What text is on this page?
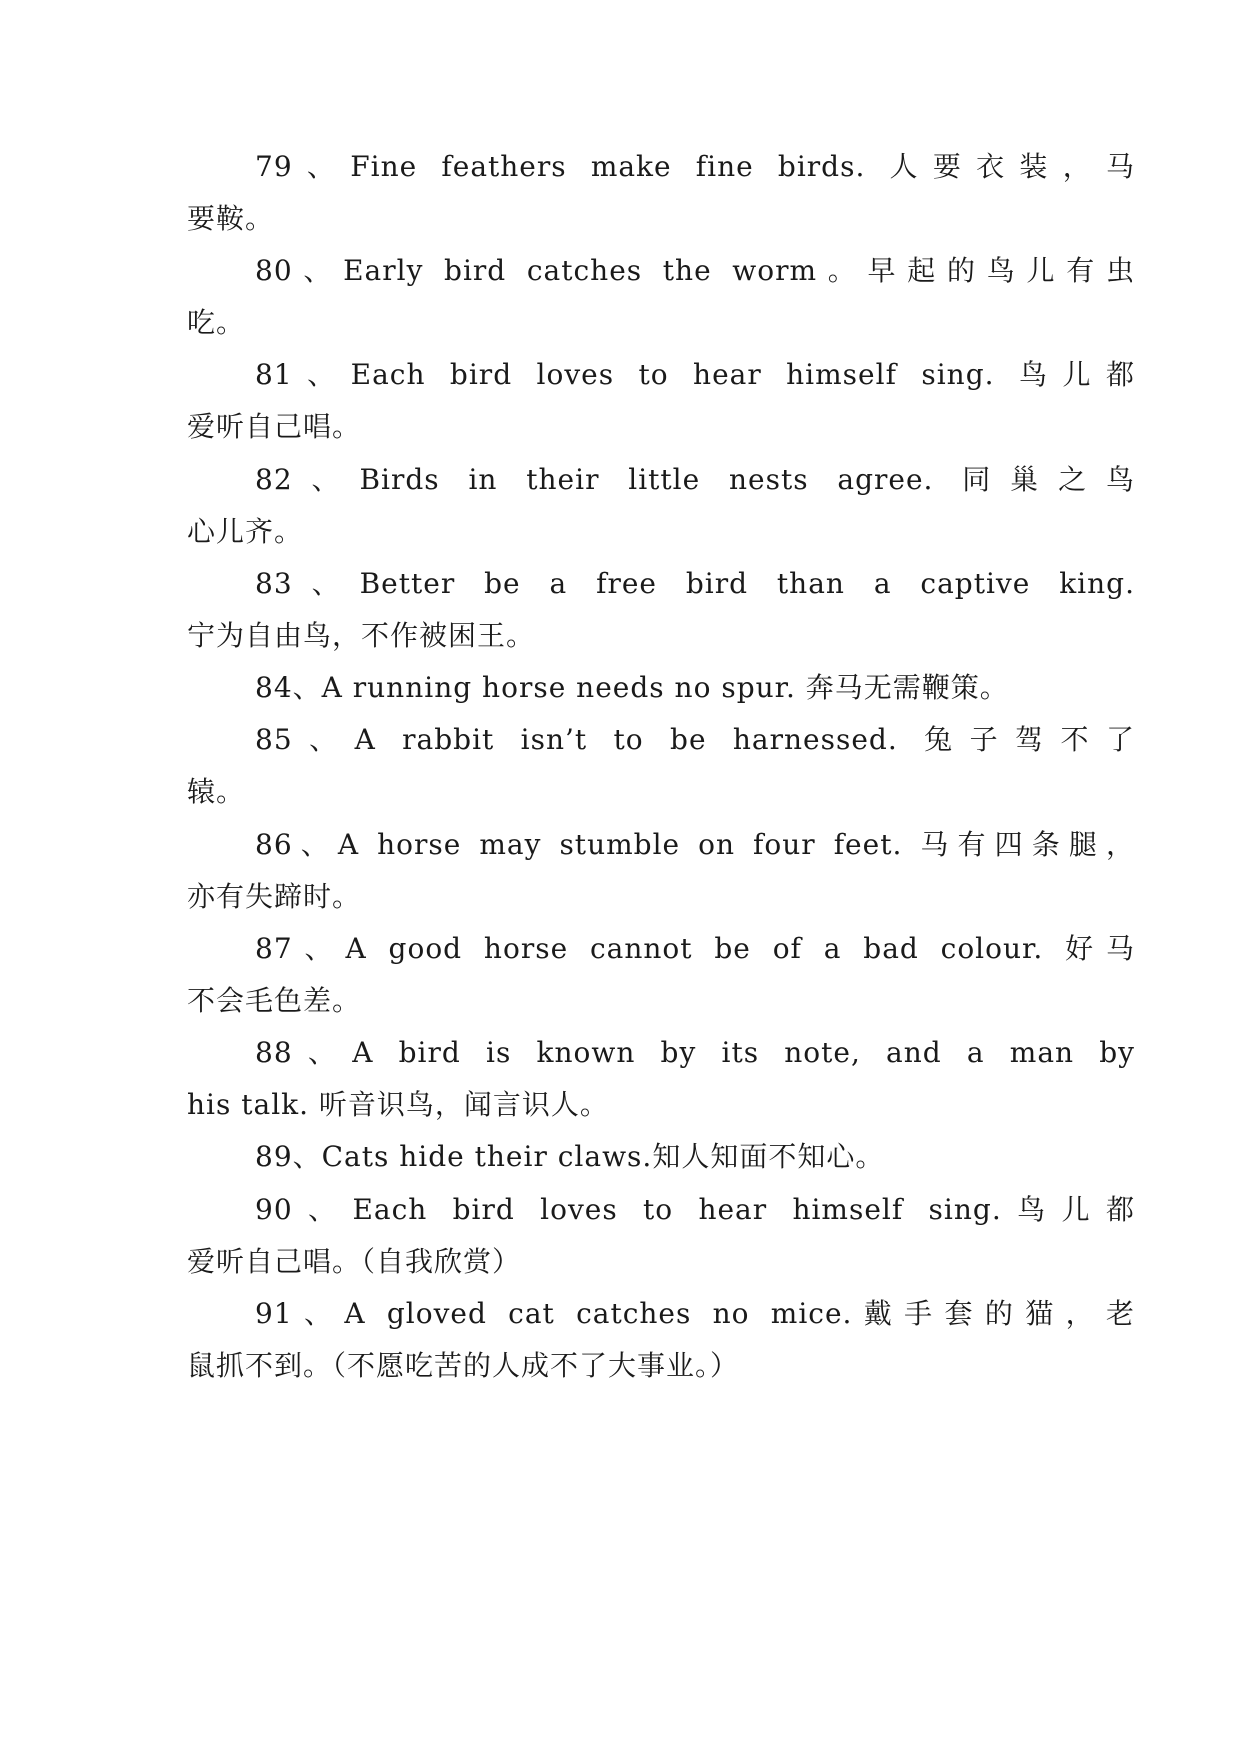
79、Fine feathers make fine birds. 人要衣装，马
要鞍。
80、Early bird catches the worm。早起的鸟儿有虫
吃。
81、Each bird loves to hear himself sing. 鸟儿都
爱听自己唱。
82、Birds in their little nests agree. 同巢之鸟
心儿齐。
83、Better be a free bird than a captive king.
宁为自由鸟，不作被困王。
84、A running horse needs no spur. 奔马无需鞭策。
85、A rabbit isn’t to be harnessed. 兔子驾不了
辕。
86、A horse may stumble on four feet. 马有四条腿，
亦有失蹄时。
87、A good horse cannot be of a bad colour. 好马
不会毛色差。
88、A bird is known by its note, and a man by
his talk. 听音识鸟，闻言识人。
89、Cats hide their claws.知人知面不知心。
90、Each bird loves to hear himself sing.鸟儿都
爱听自己唱。（自我欣赏）
91、A gloved cat catches no mice.戴手套的猫，老
鼠抓不到。（不愿吃苦的人成不了大事业。）
